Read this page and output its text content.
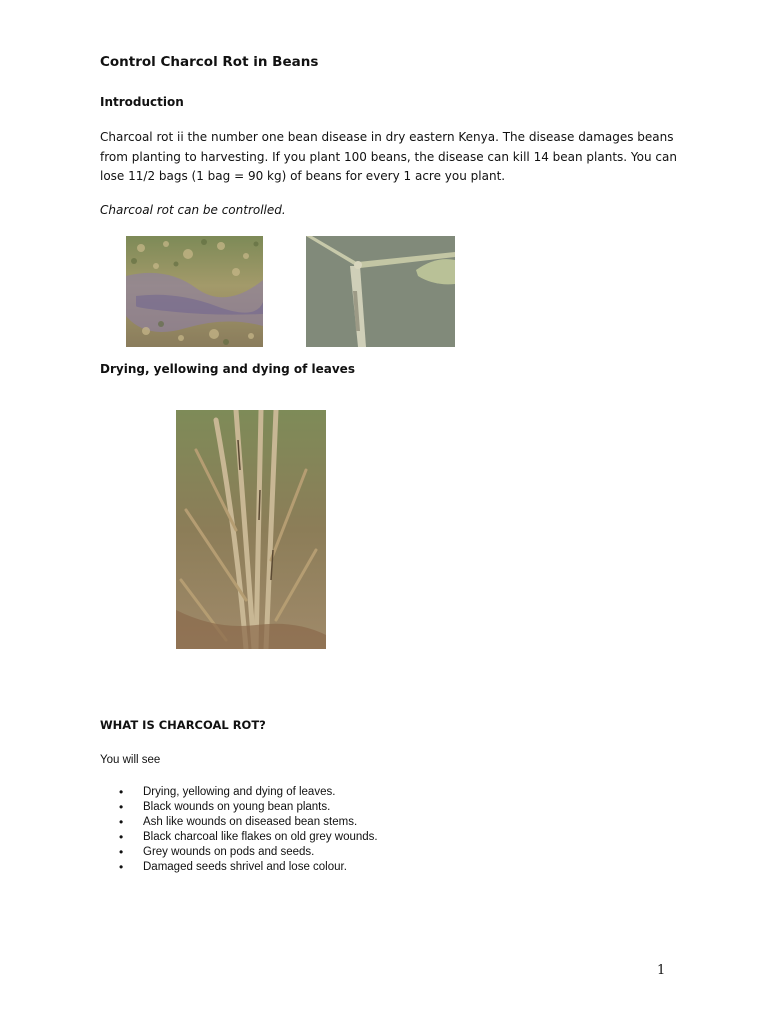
Control Charcol Rot in Beans
Introduction
Charcoal rot ii the number one bean disease in dry eastern Kenya. The disease damages beans from planting to harvesting. If you plant 100 beans, the disease can kill 14 bean plants. You can lose 11/2 bags (1 bag = 90 kg) of beans for every 1 acre you plant.
Charcoal rot can be controlled.
Drying, yellowing and dying of leaves
WHAT IS CHARCOAL ROT?
You will see
• Drying, yellowing and dying of leaves.
• Black wounds on young bean plants.
• Ash like wounds on diseased bean stems.
• Black charcoal like flakes on old grey wounds.
• Grey wounds on pods and seeds.
• Damaged seeds shrivel and lose colour.
1
